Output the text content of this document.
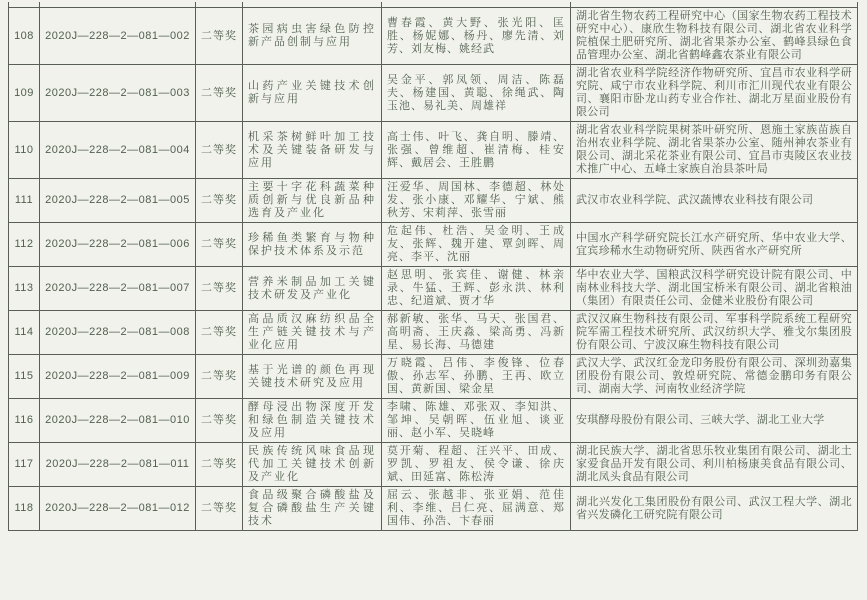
108	2020J—228—2—081—002	二等奖	茶园病虫害绿色防控新产品创制与应用	曹春霞、黄大野、张光阳、匡胜、杨妮娜、杨丹、廖先清、刘芳、刘友梅、姚经武	湖北省生物农药工程研究中心（国家生物农药工程技术研究中心）、康欣生物科技有限公司、湖北省农业科学院植保土肥研究所、湖北省果茶办公室、鹤峰县绿色食品管理办公室、湖北省鹤峰鑫农茶业有限公司
109	2020J—228—2—081—003	二等奖	山药产业关键技术创新与应用	吴金平、郭凤领、周洁、陈磊夫、杨建国、黄聪、徐绳武、陶玉池、易礼美、周雄祥	湖北省农业科学院经济作物研究所、宜昌市农业科学研究院、咸宁市农业科学院、利川市汇川现代农业有限公司、襄阳市卧龙山药专业合作社、湖北万星面业股份有限公司
110	2020J—228—2—081—004	二等奖	机采茶树鲜叶加工技术及关键装备研发与应用	高士伟、叶飞、龚自明、滕靖、张强、曾维超、崔清梅、桂安辉、戴居会、王胜鹏	湖北省农业科学院果树茶叶研究所、恩施土家族苗族自治州农业科学院、湖北省果茶办公室、随州神农茶业有限公司、湖北采花茶业有限公司、宜昌市夷陵区农业技术推广中心、五峰土家族自治县茶叶局
111	2020J—228—2—081—005	二等奖	主要十字花科蔬菜种质创新与优良新品种选育及产业化	汪爱华、周国林、李德超、林处发、张小康、邓耀华、宁斌、熊秋芳、宋莉萍、张雪丽	武汉市农业科学院、武汉蔬博农业科技有限公司
112	2020J—228—2—081—006	二等奖	珍稀鱼类繁育与物种保护技术体系及示范	危起伟、杜浩、吴金明、王成友、张辉、魏开建、覃剑晖、周亮、李平、沈丽	中国水产科学研究院长江水产研究所、华中农业大学、宜宾珍稀水生动物研究所、陕西省水产研究所
113	2020J—228—2—081—007	二等奖	营养米制品加工关键技术研发及产业化	赵思明、张宾佳、谢健、林亲录、牛猛、王辉、彭永洪、林利忠、纪道斌、贾才华	华中农业大学、国粮武汉科学研究设计院有限公司、中南林业科技大学、湖北国宝桥米有限公司、湖北省粮油（集团）有限责任公司、金健米业股份有限公司
114	2020J—228—2—081—008	二等奖	高品质汉麻纺织品全生产链关键技术与产业化应用	郝新敏、张华、马天、张国君、高明斋、王庆淼、梁高勇、冯新星、易长海、马德建	武汉汉麻生物科技有限公司、军事科学院系统工程研究院军需工程技术研究所、武汉纺织大学、雅戈尔集团股份有限公司、宁波汉麻生物科技有限公司
115	2020J—228—2—081—009	二等奖	基于光谱的颜色再现关键技术研究及应用	万晓霞、吕伟、李俊锋、位春傲、孙志军、孙鹏、王再、欧立国、黄新国、梁金星	武汉大学、武汉红金龙印务股份有限公司、深圳劲嘉集团股份有限公司、敦煌研究院、常德金鹏印务有限公司、湖南大学、河南牧业经济学院
116	2020J—228—2—081—010	二等奖	酵母浸出物深度开发和绿色制造关键技术及应用	李啸、陈雄、邓张双、李知洪、邹坤、吴朝晖、伍业旭、谈亚丽、赵小军、吴晓峰	安琪酵母股份有限公司、三峡大学、湖北工业大学
117	2020J—228—2—081—011	二等奖	民族传统风味食品现代加工关键技术创新及产业化	莫开菊、程超、汪兴平、田成、罗凯、罗祖友、侯令谦、徐庆斌、田延富、陈松涛	湖北民族大学、湖北省思乐牧业集团有限公司、湖北土家爱食品开发有限公司、利川柏杨康美食品有限公司、湖北凤头食品有限公司
118	2020J—228—2—081—012	二等奖	食品级聚合磷酸盐及复合磷酸盐生产关键技术	屈云、张越非、张亚娟、范佳利、李维、吕仁亮、屈满意、郑国伟、孙浩、卞春丽	湖北兴发化工集团股份有限公司、武汉工程大学、湖北省兴发磷化工研究院有限公司
